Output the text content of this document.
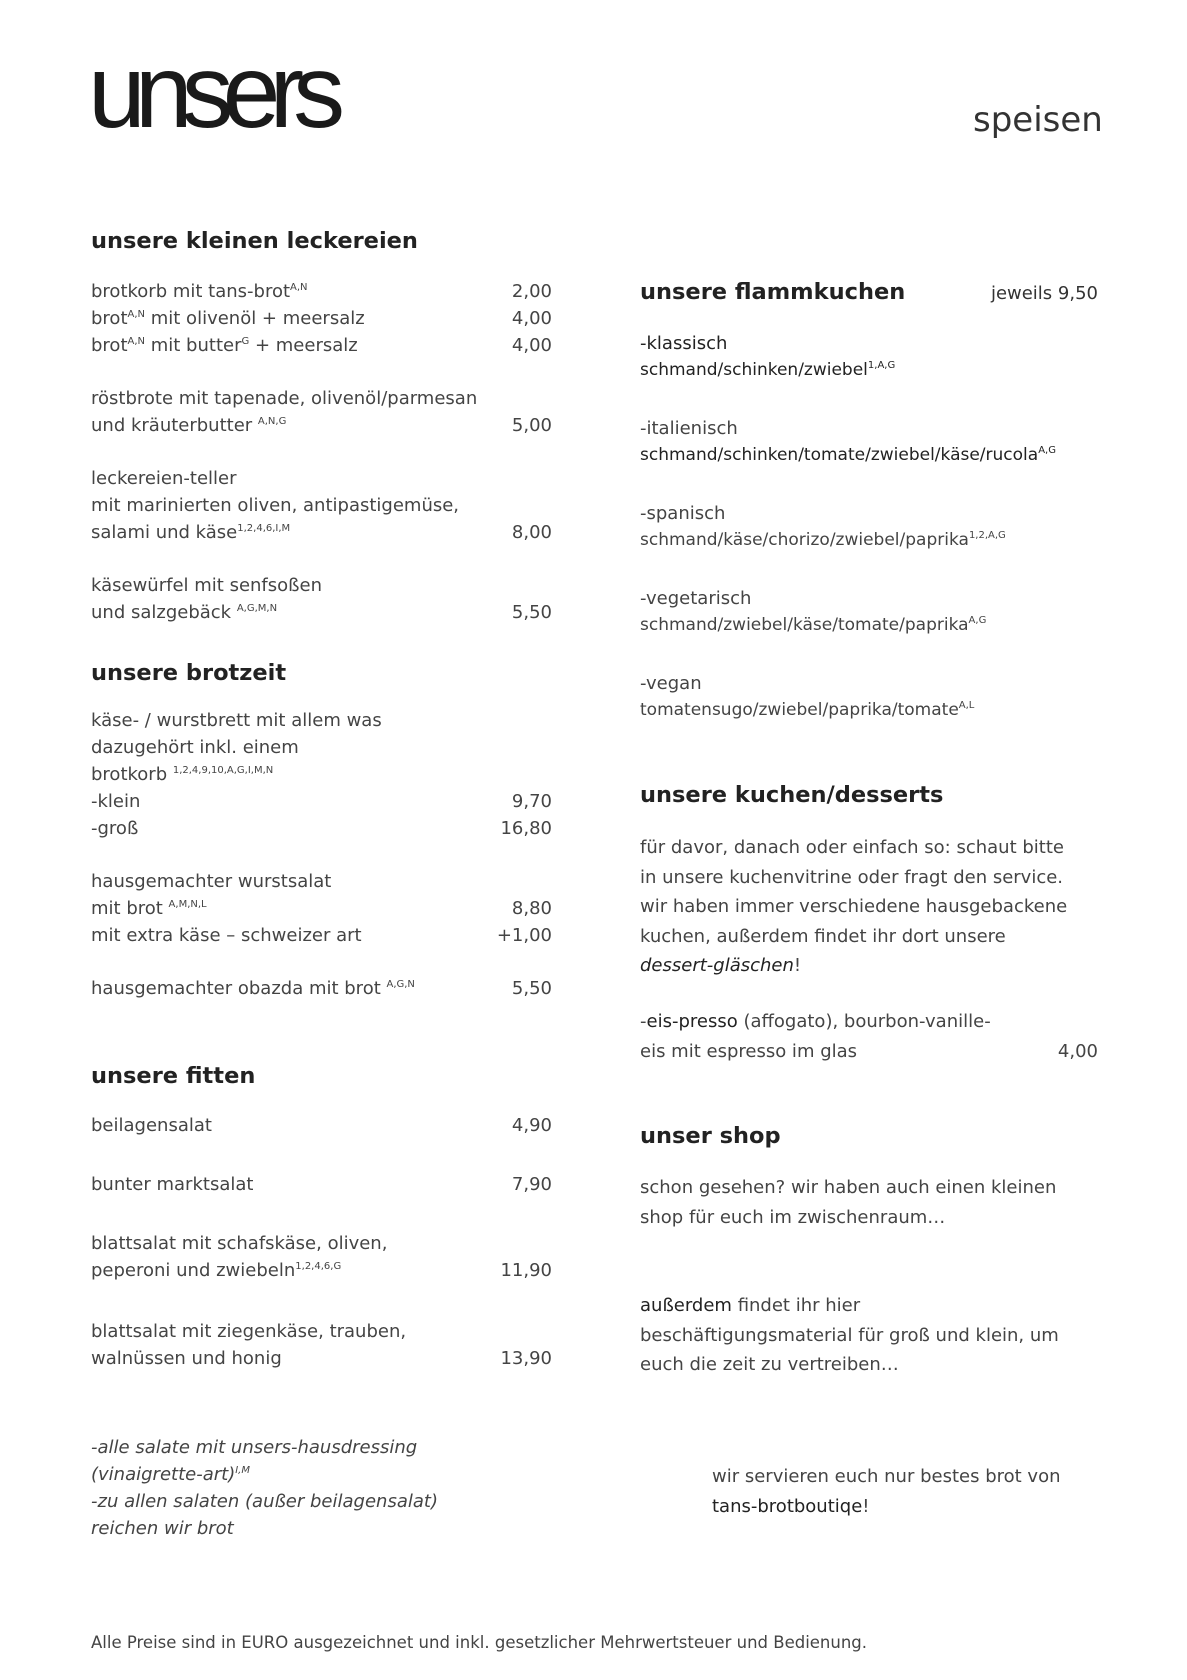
unsers	speisen
unsere kleinen leckereien
brotkorb mit tans-brot$^{A,N}$	2,00
brot$^{A,N}$ mit olivenöl + meersalz	4,00
brot$^{A,N}$ mit butter$^G$ + meersalz	4,00
röstbrote mit tapenade, olivenöl/parmesan
und kräuterbutter $^{A,N,G}$	5,00
leckereien-teller
mit marinierten oliven, antipastigemüse,
salami und käse$^{1,2,4,6,I,M}$	8,00
käsewürfel mit senfsoßen
und salzgebäck $^{A,G,M,N}$	5,50
unsere brotzeit
käse- / wurstbrett mit allem was
dazugehört inkl. einem
brotkorb $^{1,2,4,9,10,A,G,I,M,N}$
-klein	9,70
-groß	16,80
hausgemachter wurstsalat
mit brot $^{A,M,N,L}$	8,80
mit extra käse – schweizer art	+1,00
hausgemachter obazda mit brot $^{A,G,N}$	5,50
unsere fitten
beilagensalat	4,90
bunter marktsalat	7,90
blattsalat mit schafskäse, oliven,
peperoni und zwiebeln$^{1,2,4,6,G}$	11,90
blattsalat mit ziegenkäse, trauben,
walnüssen und honig	13,90
-alle salate mit unsers-hausdressing
(vinaigrette-art)$^{I,M}$
-zu allen salaten (außer beilagensalat)
reichen wir brot
unsere flammkuchen	jeweils 9,50
-klassisch
schmand/schinken/zwiebel$^{1,A,G}$
-italienisch
schmand/schinken/tomate/zwiebel/käse/rucola$^{A,G}$
-spanisch
schmand/käse/chorizo/zwiebel/paprika$^{1,2,A,G}$
-vegetarisch
schmand/zwiebel/käse/tomate/paprika$^{A,G}$
-vegan
tomatensugo/zwiebel/paprika/tomate$^{A,L}$
unsere kuchen/desserts
für davor, danach oder einfach so: schaut bitte
in unsere kuchenvitrine oder fragt den service.
wir haben immer verschiedene hausgebackene
kuchen, außerdem findet ihr dort unsere
dessert-gläschen!
-eis-presso (affogato), bourbon-vanille-
eis mit espresso im glas	4,00
unser shop
schon gesehen? wir haben auch einen kleinen
shop für euch im zwischenraum…
außerdem findet ihr hier
beschäftigungsmaterial für groß und klein, um
euch die zeit zu vertreiben…
wir servieren euch nur bestes brot von
tans-brotboutiqe!
Alle Preise sind in EURO ausgezeichnet und inkl. gesetzlicher Mehrwertsteuer und Bedienung.
